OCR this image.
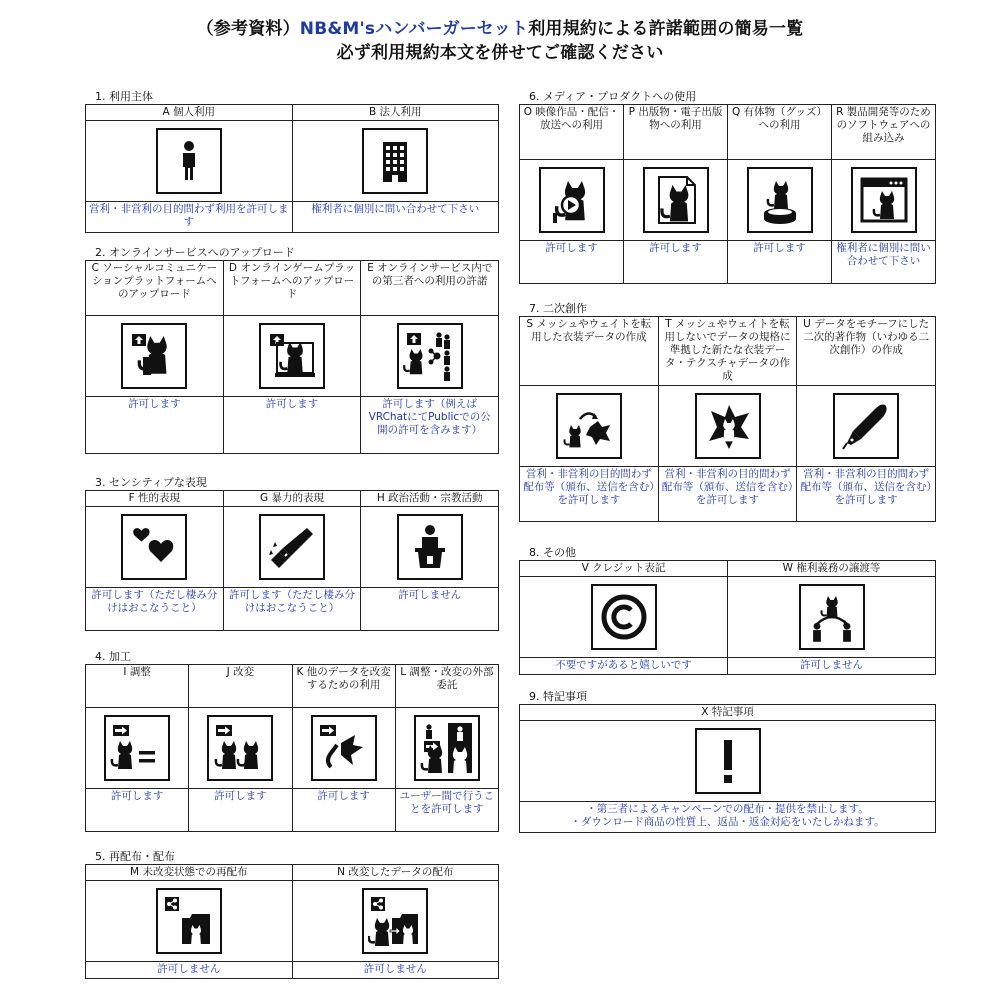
（参考資料）NB&M'sハンバーガーセット利用規約による許諾範囲の簡易一覧
必ず利用規約本文を併せてご確認ください
1. 利用主体
A 個人利用
営利・非営利の目的問わず利用を許可します
B 法人利用
権利者に個別に問い合わせて下さい
2. オンラインサービスへのアップロード
C ソーシャルコミュニケーションプラットフォームへのアップロード
許可します
D オンラインゲームプラットフォームへのアップロード
許可します
E オンラインサービス内での第三者への利用の許諾
許可します（例えばVRChatにてPublicでの公開の許可を含みます）
3. センシティブな表現
F 性的表現
許可します（ただし棲み分けはおこなうこと）
G 暴力的表現
許可します（ただし棲み分けはおこなうこと）
H 政治活動・宗教活動
許可しません
4. 加工
I 調整
許可します
J 改変
許可します
K 他のデータを改変するための利用
許可します
L 調整・改変の外部委託
ユーザー間で行うことを許可します
5. 再配布・配布
M 未改変状態での再配布
許可しません
N 改変したデータの配布
許可しません
6. メディア・プロダクトへの使用
O 映像作品・配信・放送への利用
許可します
P 出版物・電子出版物への利用
許可します
Q 有体物（グッズ）への利用
許可します
R 製品開発等のためのソフトウェアへの組み込み
権利者に個別に問い合わせて下さい
7. 二次創作
S メッシュやウェイトを転用した衣装データの作成
営利・非営利の目的問わず配布等（頒布、送信を含む）を許可します
T メッシュやウェイトを転用しないでデータの規格に準拠した新たな衣装データ・テクスチャデータの作成
営利・非営利の目的問わず配布等（頒布、送信を含む）を許可します
U データをモチーフにした二次的著作物（いわゆる二次創作）の作成
営利・非営利の目的問わず配布等（頒布、送信を含む）を許可します
8. その他
V クレジット表記
不要ですがあると嬉しいです
W 権利義務の譲渡等
許可しません
9. 特記事項
X 特記事項
・第三者によるキャンペーンでの配布・提供を禁止します。
・ダウンロード商品の性質上、返品・返金対応をいたしかねます。
